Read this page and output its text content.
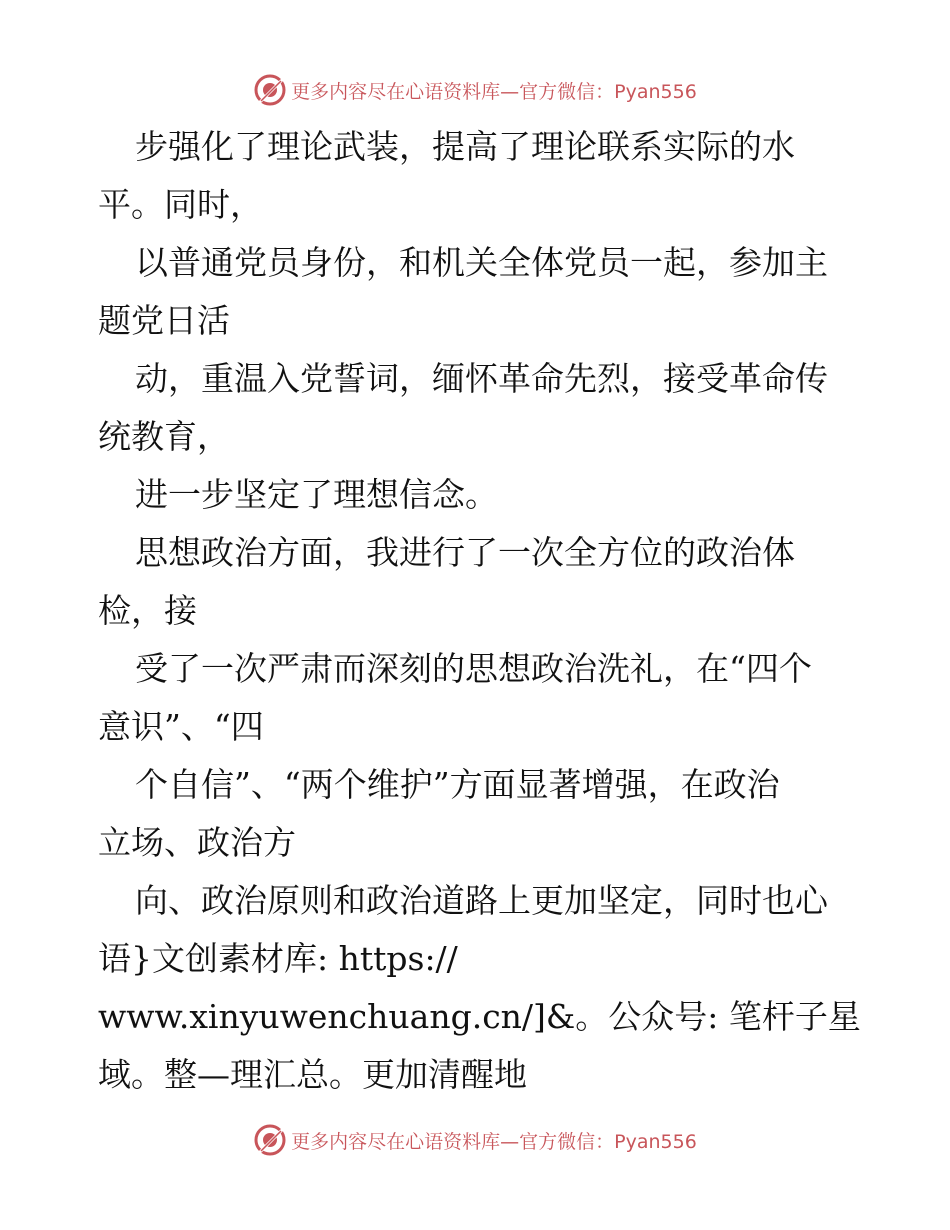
更多内容尽在心语资料库—官方微信：Pyan556
步强化了理论武装，提高了理论联系实际的水
平。同时，
以普通党员身份，和机关全体党员一起，参加主
题党日活
动，重温入党誓词，缅怀革命先烈，接受革命传
统教育，
进一步坚定了理想信念。
思想政治方面，我进行了一次全方位的政治体
检，接
受了一次严肃而深刻的思想政治洗礼，在“四个
意识”、“四
个自信”、“两个维护”方面显著增强，在政治
立场、政治方
向、政治原则和政治道路上更加坚定，同时也心
语}文创素材库: https://
www.xinyuwenchuang.cn/]&。公众号: 笔杆子星
域。整—理汇总。更加清醒地
更多内容尽在心语资料库—官方微信：Pyan556
